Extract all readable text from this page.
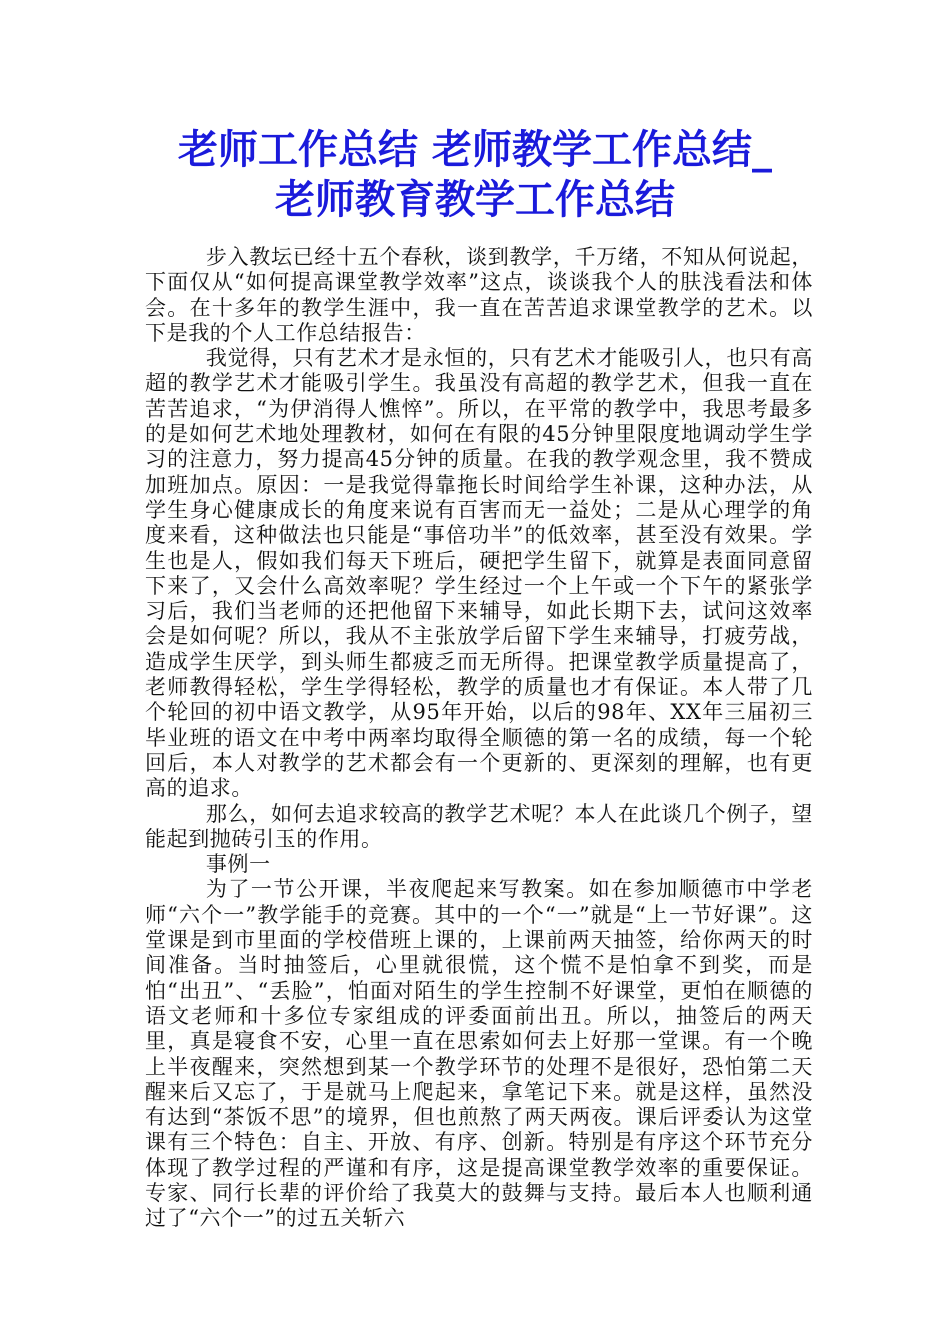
老师工作总结 老师教学工作总结_
老师教育教学工作总结

步入教坛已经十五个春秋，谈到教学，千万绪，不知从何说起，下面仅从“如何提高课堂教学效率”这点，谈谈我个人的肤浅看法和体会。在十多年的教学生涯中，我一直在苦苦追求课堂教学的艺术。以下是我的个人工作总结报告：

我觉得，只有艺术才是永恒的，只有艺术才能吸引人，也只有高超的教学艺术才能吸引学生。我虽没有高超的教学艺术，但我一直在苦苦追求，“为伊消得人憔悴”。所以，在平常的教学中，我思考最多的是如何艺术地处理教材，如何在有限的45分钟里限度地调动学生学习的注意力，努力提高45分钟的质量。在我的教学观念里，我不赞成加班加点。原因：一是我觉得靠拖长时间给学生补课，这种办法，从学生身心健康成长的角度来说有百害而无一益处；二是从心理学的角度来看，这种做法也只能是“事倍功半”的低效率，甚至没有效果。学生也是人，假如我们每天下班后，硬把学生留下，就算是表面同意留下来了，又会什么高效率呢？学生经过一个上午或一个下午的紧张学习后，我们当老师的还把他留下来辅导，如此长期下去，试问这效率会是如何呢？所以，我从不主张放学后留下学生来辅导，打疲劳战，造成学生厌学，到头师生都疲乏而无所得。把课堂教学质量提高了，老师教得轻松，学生学得轻松，教学的质量也才有保证。本人带了几个轮回的初中语文教学，从95年开始，以后的98年、XX年三届初三毕业班的语文在中考中两率均取得全顺德的第一名的成绩，每一个轮回后，本人对教学的艺术都会有一个更新的、更深刻的理解，也有更高的追求。

那么，如何去追求较高的教学艺术呢？本人在此谈几个例子，望能起到抛砖引玉的作用。

事例一

为了一节公开课，半夜爬起来写教案。如在参加顺德市中学老师“六个一”教学能手的竞赛。其中的一个“一”就是“上一节好课”。这堂课是到市里面的学校借班上课的，上课前两天抽签，给你两天的时间准备。当时抽签后，心里就很慌，这个慌不是怕拿不到奖，而是怕“出丑”、“丢脸”，怕面对陌生的学生控制不好课堂，更怕在顺德的语文老师和十多位专家组成的评委面前出丑。所以，抽签后的两天里，真是寝食不安，心里一直在思索如何去上好那一堂课。有一个晚上半夜醒来，突然想到某一个教学环节的处理不是很好，恐怕第二天醒来后又忘了，于是就马上爬起来，拿笔记下来。就是这样，虽然没有达到“茶饭不思”的境界，但也煎熬了两天两夜。课后评委认为这堂课有三个特色：自主、开放、有序、创新。特别是有序这个环节充分体现了教学过程的严谨和有序，这是提高课堂教学效率的重要保证。专家、同行长辈的评价给了我莫大的鼓舞与支持。最后本人也顺利通过了“六个一”的过五关斩六
